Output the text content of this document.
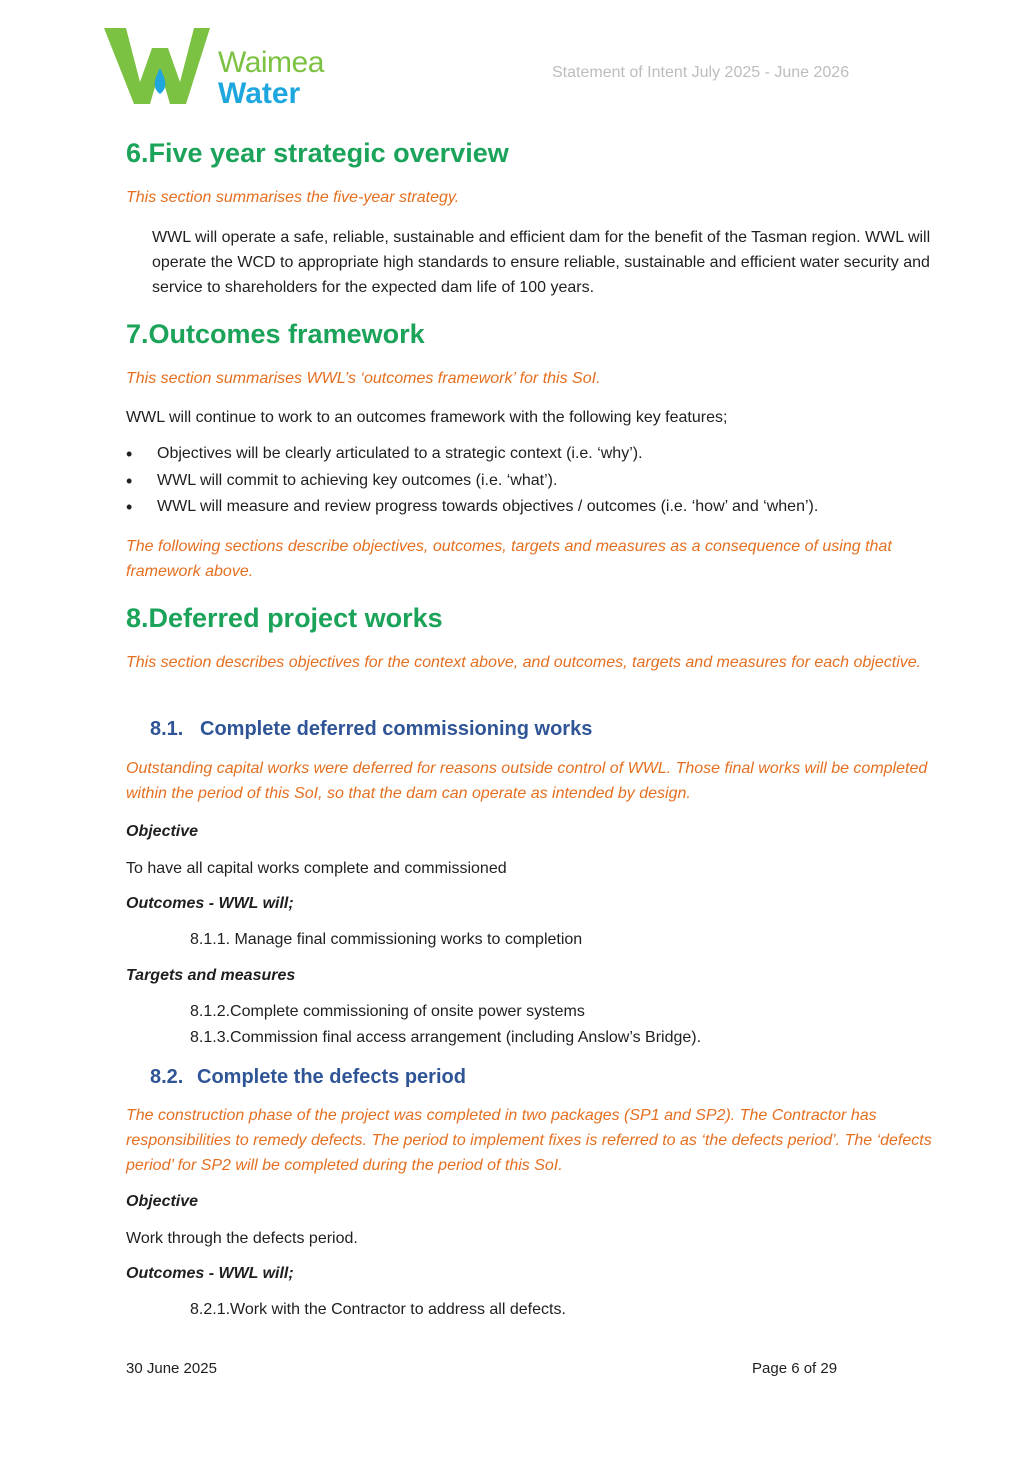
Waimea
Water
Statement of Intent July 2025 - June 2026
6.Five year strategic overview

This section summarises the five-year strategy.

WWL will operate a safe, reliable, sustainable and efficient dam for the benefit of the Tasman region. WWL will operate the WCD to appropriate high standards to ensure reliable, sustainable and efficient water security and service to shareholders for the expected dam life of 100 years.

7.Outcomes framework

This section summarises WWL’s ‘outcomes framework’ for this SoI.

WWL will continue to work to an outcomes framework with the following key features;

• Objectives will be clearly articulated to a strategic context (i.e. ‘why’).
• WWL will commit to achieving key outcomes (i.e. ‘what’).
• WWL will measure and review progress towards objectives / outcomes (i.e. ‘how’ and ‘when’).

The following sections describe objectives, outcomes, targets and measures as a consequence of using that framework above.

8.Deferred project works

This section describes objectives for the context above, and outcomes, targets and measures for each objective.

8.1. Complete deferred commissioning works

Outstanding capital works were deferred for reasons outside control of WWL. Those final works will be completed within the period of this SoI, so that the dam can operate as intended by design.

Objective
To have all capital works complete and commissioned
Outcomes - WWL will;
8.1.1. Manage final commissioning works to completion
Targets and measures
8.1.2.Complete commissioning of onsite power systems
8.1.3.Commission final access arrangement (including Anslow’s Bridge).
8.2. Complete the defects period

The construction phase of the project was completed in two packages (SP1 and SP2). The Contractor has responsibilities to remedy defects. The period to implement fixes is referred to as ‘the defects period’. The ‘defects period’ for SP2 will be completed during the period of this SoI.

Objective
Work through the defects period.
Outcomes - WWL will;
8.2.1.Work with the Contractor to address all defects.
30 June 2025	Page 6 of 29
